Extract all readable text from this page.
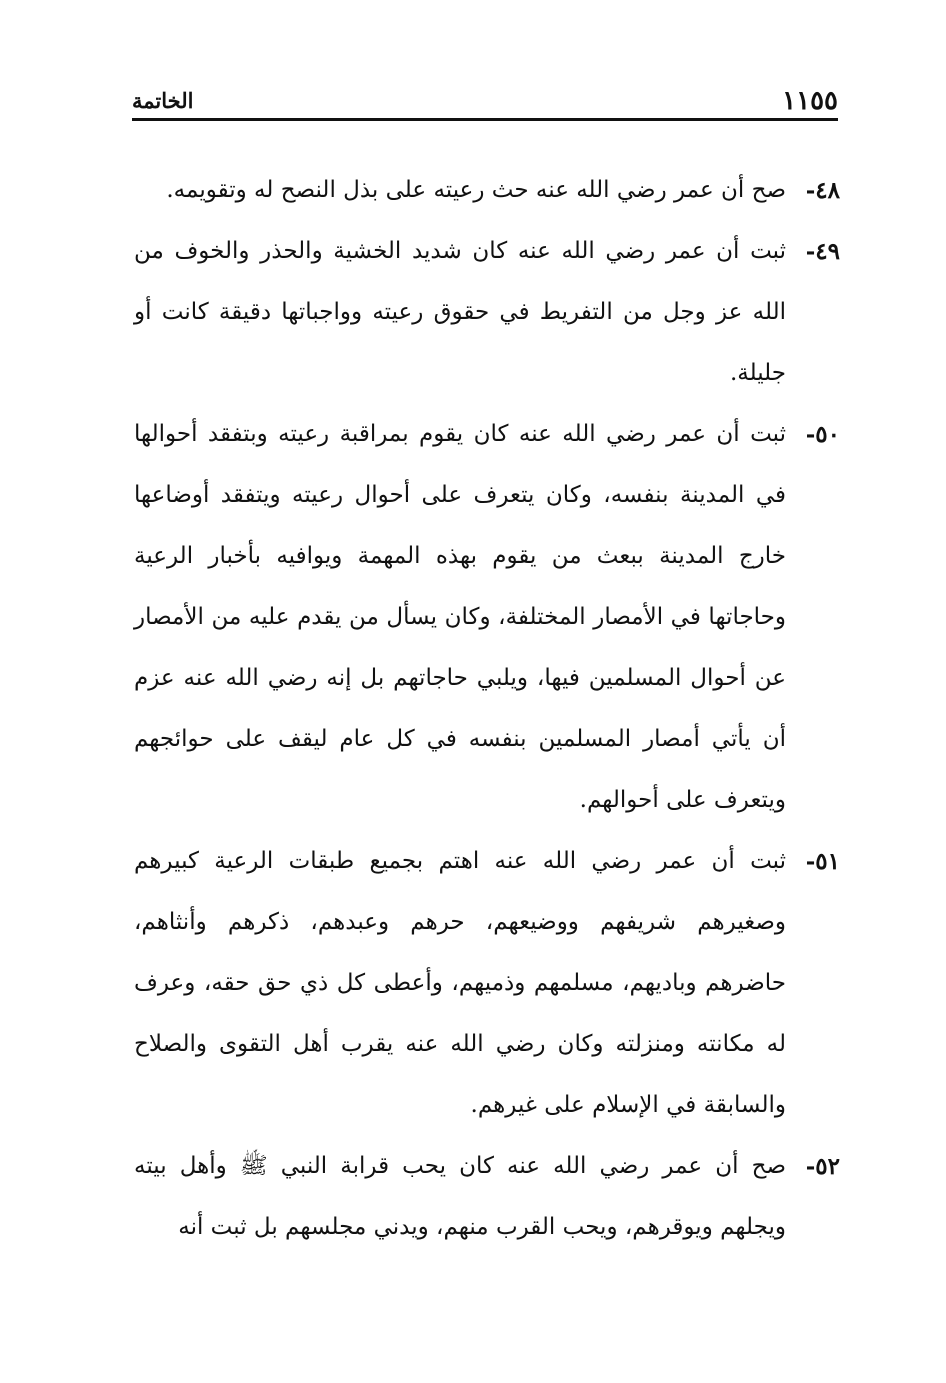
١١٥٥
الخاتمة

٤٨-
صح أن عمر رضي الله عنه حث رعيته على بذل النصح له وتقويمه.

٤٩-
ثبت أن عمر رضي الله عنه كان شديد الخشية والحذر والخوف من الله عز وجل من التفريط في حقوق رعيته وواجباتها دقيقة كانت أو جليلة.

٥٠-
ثبت أن عمر رضي الله عنه كان يقوم بمراقبة رعيته وبتفقد أحوالها في المدينة بنفسه، وكان يتعرف على أحوال رعيته ويتفقد أوضاعها خارج المدينة ببعث من يقوم بهذه المهمة ويوافيه بأخبار الرعية وحاجاتها في الأمصار المختلفة، وكان يسأل من يقدم عليه من الأمصار عن أحوال المسلمين فيها، ويلبي حاجاتهم بل إنه رضي الله عنه عزم أن يأتي أمصار المسلمين بنفسه في كل عام ليقف على حوائجهم ويتعرف على أحوالهم.

٥١-
ثبت أن عمر رضي الله عنه اهتم بجميع طبقات الرعية كبيرهم وصغيرهم شريفهم ووضيعهم، حرهم وعبدهم، ذكرهم وأنثاهم، حاضرهم وباديهم، مسلمهم وذميهم، وأعطى كل ذي حق حقه، وعرف له مكانته ومنزلته وكان رضي الله عنه يقرب أهل التقوى والصلاح والسابقة في الإسلام على غيرهم.

٥٢-
صح أن عمر رضي الله عنه كان يحب قرابة النبي ﷺ وأهل بيته ويجلهم ويوقرهم، ويحب القرب منهم، ويدني مجلسهم بل ثبت أنه
